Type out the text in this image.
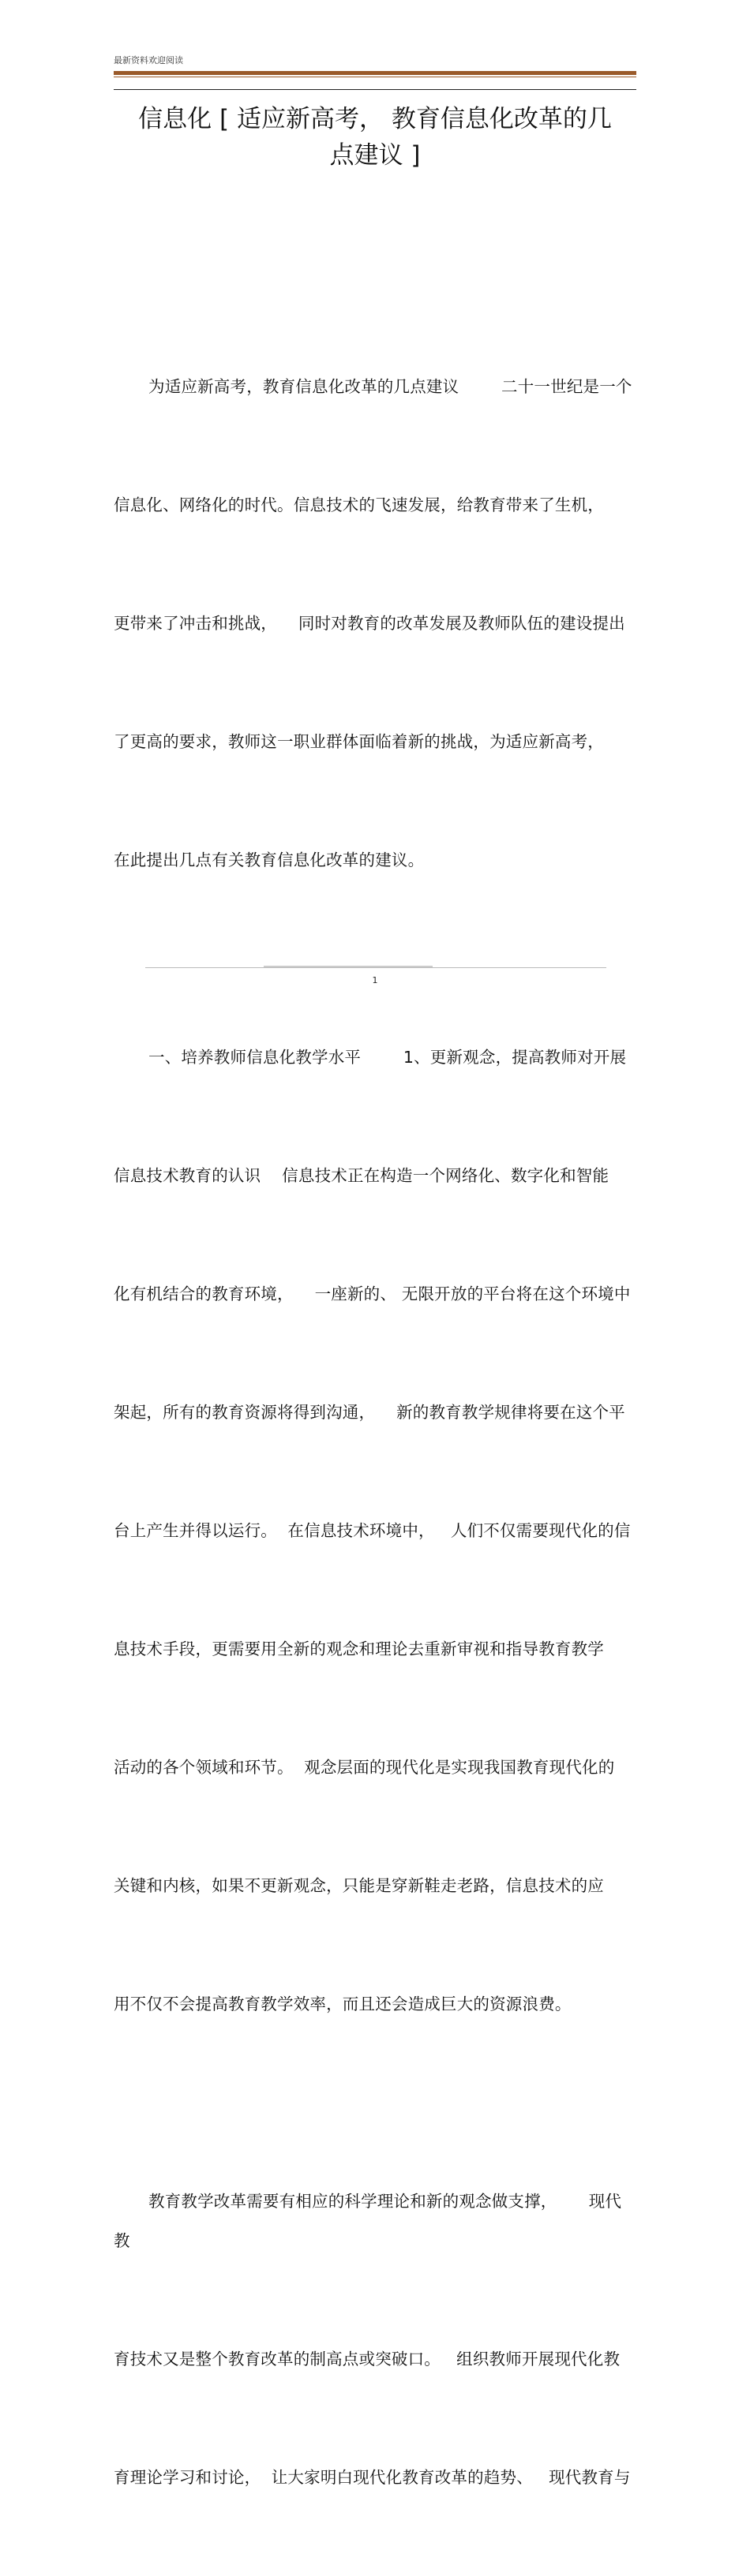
最新资料欢迎阅读
信息化 [ 适应新高考， 教育信息化改革的几
点建议 ]

为适应新高考，教育信息化改革的几点建议        二十一世纪是一个

信息化、网络化的时代。信息技术的飞速发展，给教育带来了生机，

更带来了冲击和挑战，    同时对教育的改革发展及教师队伍的建设提出

了更高的要求，教师这一职业群体面临着新的挑战，为适应新高考，

在此提出几点有关教育信息化改革的建议。

一、培养教师信息化教学水平        1、更新观念，提高教师对开展

信息技术教育的认识    信息技术正在构造一个网络化、数字化和智能

化有机结合的教育环境，    一座新的、 无限开放的平台将在这个环境中

架起，所有的教育资源将得到沟通，    新的教育教学规律将要在这个平

台上产生并得以运行。  在信息技术环境中，   人们不仅需要现代化的信

息技术手段，更需要用全新的观念和理论去重新审视和指导教育教学

活动的各个领域和环节。  观念层面的现代化是实现我国教育现代化的

关键和内核，如果不更新观念，只能是穿新鞋走老路，信息技术的应

用不仅不会提高教育教学效率，而且还会造成巨大的资源浪费。

教育教学改革需要有相应的科学理论和新的观念做支撑，      现代教

育技术又是整个教育改革的制高点或突破口。   组织教师开展现代化教

育理论学习和讨论，  让大家明白现代化教育改革的趋势、   现代教育与

1
